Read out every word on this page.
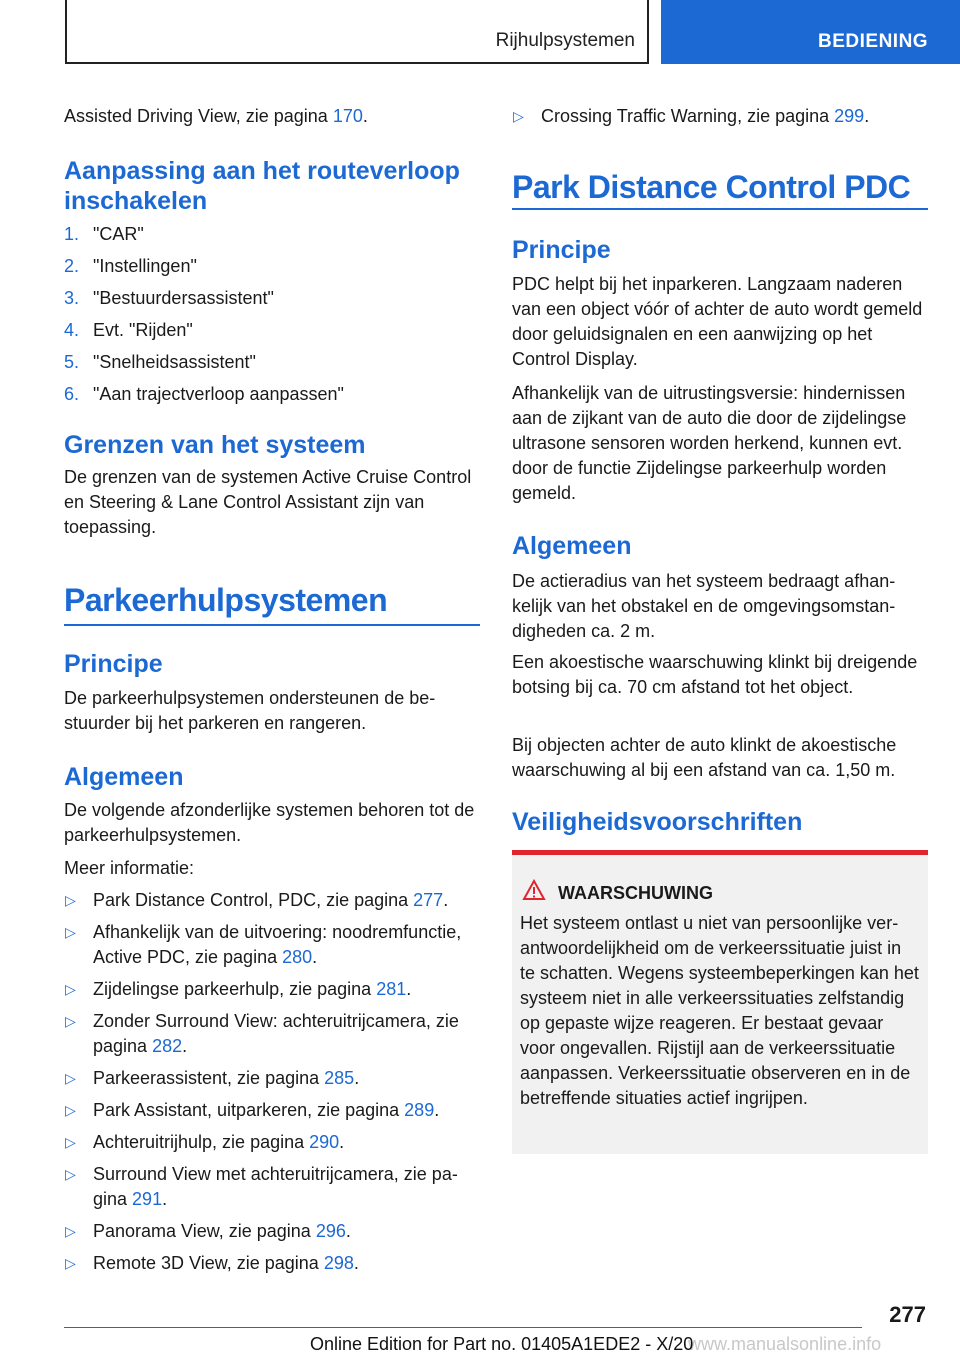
Rijhulpsystemen	BEDIENING
Assisted Driving View, zie pagina 170.
Aanpassing aan het routeverloop inschakelen
1. "CAR"
2. "Instellingen"
3. "Bestuurdersassistent"
4. Evt. "Rijden"
5. "Snelheidsassistent"
6. "Aan trajectverloop aanpassen"
Grenzen van het systeem
De grenzen van de systemen Active Cruise Control en Steering & Lane Control Assistant zijn van toepassing.
Parkeerhulpsystemen
Principe
De parkeerhulpsystemen ondersteunen de bestuurder bij het parkeren en rangeren.
Algemeen
De volgende afzonderlijke systemen behoren tot de parkeerhulpsystemen.
Meer informatie:
▷ Park Distance Control, PDC, zie pagina 277.
▷ Afhankelijk van de uitvoering: noodremfunctie, Active PDC, zie pagina 280.
▷ Zijdelingse parkeerhulp, zie pagina 281.
▷ Zonder Surround View: achteruitrijcamera, zie pagina 282.
▷ Parkeerassistent, zie pagina 285.
▷ Park Assistant, uitparkeren, zie pagina 289.
▷ Achteruitrijhulp, zie pagina 290.
▷ Surround View met achteruitrijcamera, zie pagina 291.
▷ Panorama View, zie pagina 296.
▷ Remote 3D View, zie pagina 298.
▷ Crossing Traffic Warning, zie pagina 299.
Park Distance Control PDC
Principe
PDC helpt bij het inparkeren. Langzaam naderen van een object vóór of achter de auto wordt gemeld door geluidsignalen en een aanwijzing op het Control Display.
Afhankelijk van de uitrustingsversie: hindernissen aan de zijkant van de auto die door de zijdelingse ultrasone sensoren worden herkend, kunnen evt. door de functie Zijdelingse parkeerhulp worden gemeld.
Algemeen
De actieradius van het systeem bedraagt afhankelijk van het obstakel en de omgevingsomstandigheden ca. 2 m.
Een akoestische waarschuwing klinkt bij dreigende botsing bij ca. 70 cm afstand tot het object.
Bij objecten achter de auto klinkt de akoestische waarschuwing al bij een afstand van ca. 1,50 m.
Veiligheidsvoorschriften
WAARSCHUWING
Het systeem ontlast u niet van persoonlijke verantwoordelijkheid om de verkeerssituatie juist in te schatten. Wegens systeembeperkingen kan het systeem niet in alle verkeerssituaties zelfstandig op gepaste wijze reageren. Er bestaat gevaar voor ongevallen. Rijstijl aan de verkeerssituatie aanpassen. Verkeerssituatie observeren en in de betreffende situaties actief ingrijpen.
277
www.manualsonline.info
Online Edition for Part no. 01405A1EDE2 - X/20
